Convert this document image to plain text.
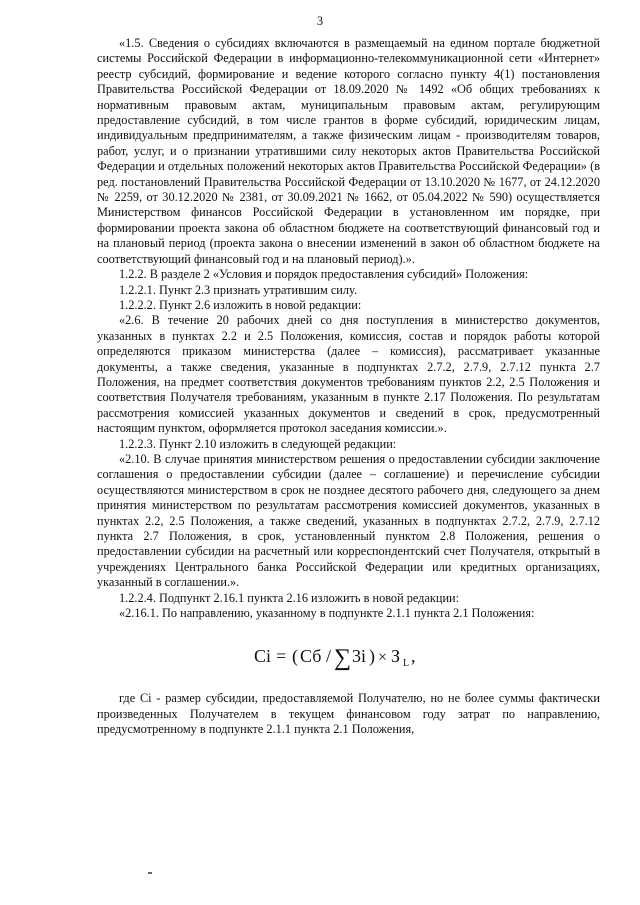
3

«1.5. Сведения о субсидиях включаются в размещаемый на едином портале бюджетной системы Российской Федерации в информационно-телекоммуникационной сети «Интернет» реестр субсидий, формирование и ведение которого согласно пункту 4(1) постановления Правительства Российской Федерации от 18.09.2020 № 1492 «Об общих требованиях к нормативным правовым актам, муниципальным правовым актам, регулирующим предоставление субсидий, в том числе грантов в форме субсидий, юридическим лицам, индивидуальным предпринимателям, а также физическим лицам - производителям товаров, работ, услуг, и о признании утратившими силу некоторых актов Правительства Российской Федерации и отдельных положений некоторых актов Правительства Российской Федерации» (в ред. постановлений Правительства Российской Федерации от 13.10.2020 № 1677, от 24.12.2020 № 2259, от 30.12.2020 № 2381, от 30.09.2021 № 1662, от 05.04.2022 № 590) осуществляется Министерством финансов Российской Федерации в установленном им порядке, при формировании проекта закона об областном бюджете на соответствующий финансовый год и на плановый период (проекта закона о внесении изменений в закон об областном бюджете на соответствующий финансовый год и на плановый период).».

1.2.2. В разделе 2 «Условия и порядок предоставления субсидий» Положения:

1.2.2.1. Пункт 2.3 признать утратившим силу.

1.2.2.2. Пункт 2.6 изложить в новой редакции:

«2.6. В течение 20 рабочих дней со дня поступления в министерство документов, указанных в пунктах 2.2 и 2.5 Положения, комиссия, состав и порядок работы которой определяются приказом министерства (далее – комиссия), рассматривает указанные документы, а также сведения, указанные в подпунктах 2.7.2, 2.7.9, 2.7.12 пункта 2.7 Положения, на предмет соответствия документов требованиям пунктов 2.2, 2.5 Положения и соответствия Получателя требованиям, указанным в пункте 2.17 Положения. По результатам рассмотрения комиссией указанных документов и сведений в срок, предусмотренный настоящим пунктом, оформляется протокол заседания комиссии.».

1.2.2.3. Пункт 2.10 изложить в следующей редакции:

«2.10. В случае принятия министерством решения о предоставлении субсидии заключение соглашения о предоставлении субсидии (далее – соглашение) и перечисление субсидии осуществляются министерством в срок не позднее десятого рабочего дня, следующего за днем принятия министерством по результатам рассмотрения комиссией документов, указанных в пунктах 2.2, 2.5 Положения, а также сведений, указанных в подпунктах 2.7.2, 2.7.9, 2.7.12 пункта 2.7 Положения, в срок, установленный пунктом 2.8 Положения, решения о предоставлении субсидии на расчетный или корреспондентский счет Получателя, открытый в учреждениях Центрального банка Российской Федерации или кредитных организациях, указанный в соглашении.».

1.2.2.4. Подпункт 2.16.1 пункта 2.16 изложить в новой редакции:

«2.16.1. По направлению, указанному в подпункте 2.1.1 пункта 2.1 Положения:

Ci = ( Сб / ∑ 3i ) × З L ,

где Ci - размер субсидии, предоставляемой Получателю, но не более суммы фактически произведенных Получателем в текущем финансовом году затрат по направлению, предусмотренному в подпункте 2.1.1 пункта 2.1 Положения,
